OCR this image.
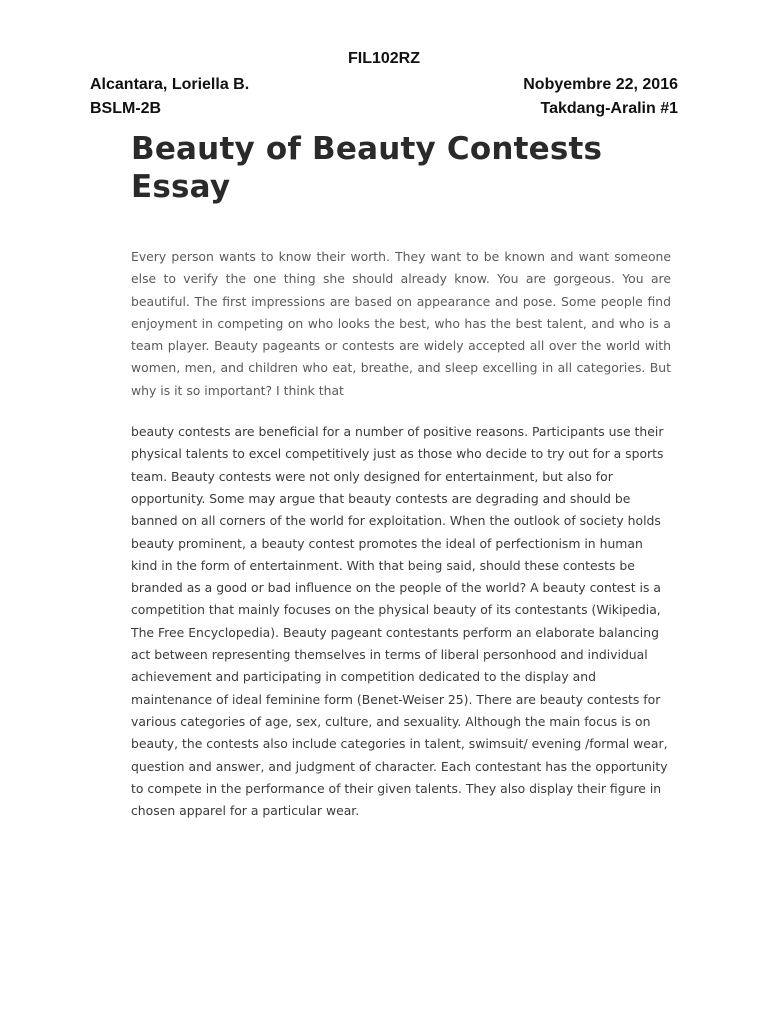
FIL102RZ
Alcantara, Loriella B.	Nobyembre 22, 2016
BSLM-2B	Takdang-Aralin #1
Beauty of Beauty Contests
Essay

Every person wants to know their worth. They want to be known and want someone else to verify the one thing she should already know. You are gorgeous. You are beautiful. The first impressions are based on appearance and pose. Some people find enjoyment in competing on who looks the best, who has the best talent, and who is a team player. Beauty pageants or contests are widely accepted all over the world with women, men, and children who eat, breathe, and sleep excelling in all categories. But why is it so important? I think that

beauty contests are beneficial for a number of positive reasons. Participants use their physical talents to excel competitively just as those who decide to try out for a sports team. Beauty contests were not only designed for entertainment, but also for opportunity. Some may argue that beauty contests are degrading and should be banned on all corners of the world for exploitation. When the outlook of society holds beauty prominent, a beauty contest promotes the ideal of perfectionism in human kind in the form of entertainment. With that being said, should these contests be branded as a good or bad influence on the people of the world? A beauty contest is a competition that mainly focuses on the physical beauty of its contestants (Wikipedia, The Free Encyclopedia). Beauty pageant contestants perform an elaborate balancing act between representing themselves in terms of liberal personhood and individual achievement and participating in competition dedicated to the display and maintenance of ideal feminine form (Benet-Weiser 25). There are beauty contests for various categories of age, sex, culture, and sexuality. Although the main focus is on beauty, the contests also include categories in talent, swimsuit/ evening /formal wear, question and answer, and judgment of character. Each contestant has the opportunity to compete in the performance of their given talents. They also display their figure in chosen apparel for a particular wear.
